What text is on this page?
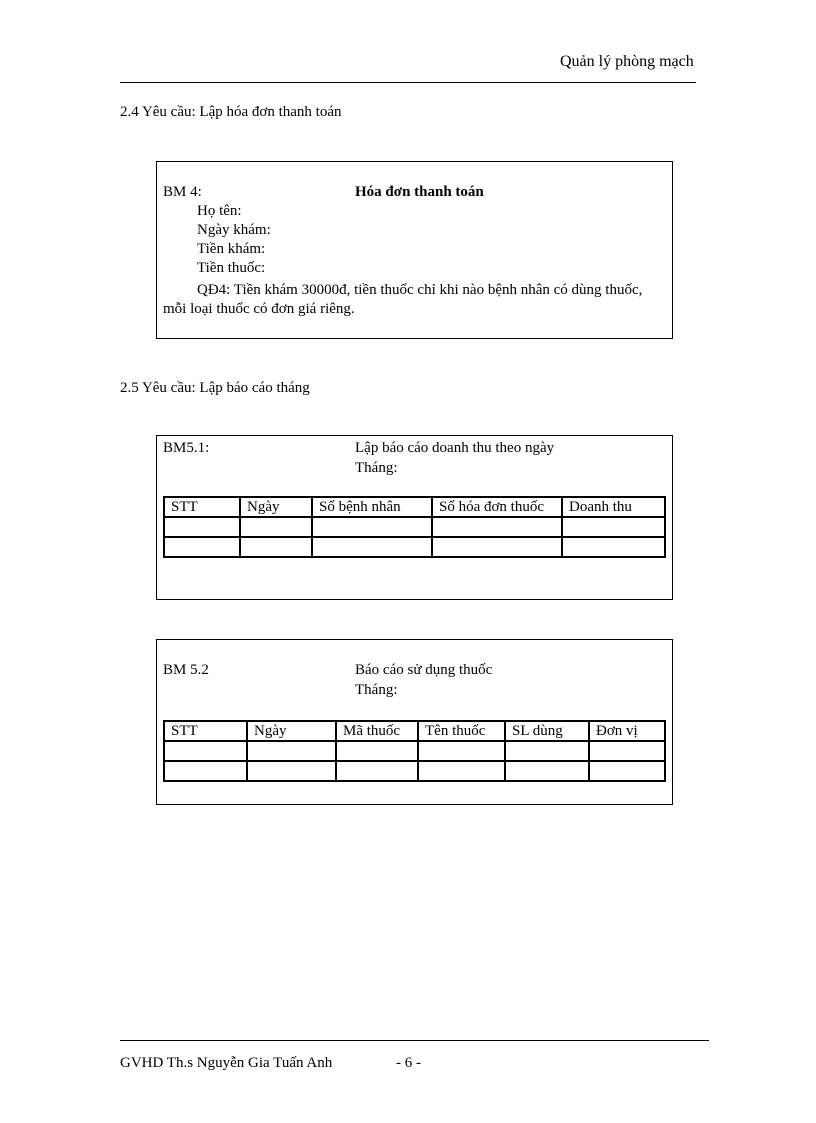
Quản lý phòng mạch
2.4 Yêu cầu: Lập hóa đơn thanh toán
BM 4:	Hóa đơn thanh toán
Họ tên:
Ngày khám:
Tiền khám:
Tiền thuốc:
QĐ4: Tiền khám 30000đ, tiền thuốc chỉ khi nào bệnh nhân có dùng thuốc, mỗi loại thuốc có đơn giá riêng.
2.5 Yêu cầu: Lập báo cáo tháng
BM5.1:	Lập báo cáo doanh thu theo ngày
Tháng:
STT	Ngày	Số bệnh nhân	Số hóa đơn thuốc	Doanh thu

BM 5.2	Báo cáo sử dụng thuốc
Tháng:
STT	Ngày	Mã thuốc	Tên thuốc	SL dùng	Đơn vị

GVHD Th.s Nguyễn Gia Tuấn Anh	- 6 -
